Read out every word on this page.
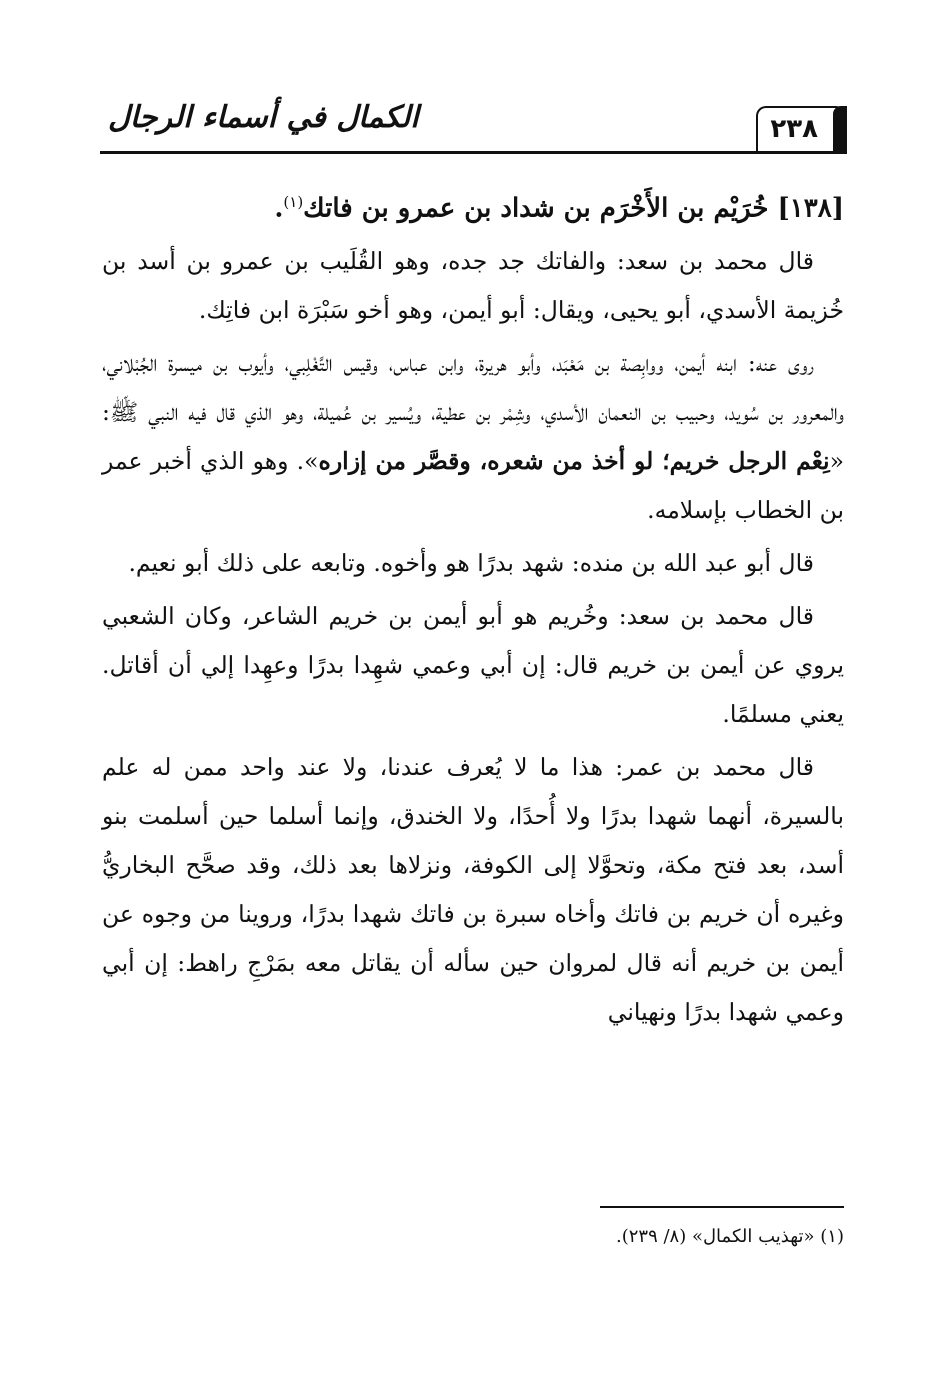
٢٣٨
الكمال في أسماء الرجال

[١٣٨] خُرَيْم بن الأَخْرَم بن شداد بن عمرو بن فاتك$^{(١)}$.

قال محمد بن سعد: والفاتك جد جده، وهو القُلَيب بن عمرو بن أسد بن خُزيمة الأسدي، أبو يحيى، ويقال: أبو أيمن، وهو أخو سَبْرَة ابن فاتِك.

روى عنه: ابنه أيمن، ووابِصة بن مَعْبَد، وأبو هريرة، وابن عباس، وقيس التَّغْلِبي، وأيوب بن ميسرة الجُبْلاني، والمعرور بن سُويد، وحبيب بن النعمان الأسدي، وشِمْر بن عطية، ويُسير بن عُميلة، وهو الذي قال فيه النبي ﷺ: «نِعْم الرجل خريم؛ لو أخذ من شعره، وقصَّر من إزاره». وهو الذي أخبر عمر بن الخطاب بإسلامه.

قال أبو عبد الله بن منده: شهد بدرًا هو وأخوه. وتابعه على ذلك أبو نعيم.

قال محمد بن سعد: وخُريم هو أبو أيمن بن خريم الشاعر، وكان الشعبي يروي عن أيمن بن خريم قال: إن أبي وعمي شهِدا بدرًا وعهِدا إلي أن أقاتل. يعني مسلمًا.

قال محمد بن عمر: هذا ما لا يُعرف عندنا، ولا عند واحد ممن له علم بالسيرة، أنهما شهدا بدرًا ولا أُحدًا، ولا الخندق، وإنما أسلما حين أسلمت بنو أسد، بعد فتح مكة، وتحوَّلا إلى الكوفة، ونزلاها بعد ذلك، وقد صحَّح البخاريُّ وغيره أن خريم بن فاتك وأخاه سبرة بن فاتك شهدا بدرًا، وروينا من وجوه عن أيمن بن خريم أنه قال لمروان حين سأله أن يقاتل معه بمَرْجِ راهط: إن أبي وعمي شهدا بدرًا ونهياني

(١) «تهذيب الكمال» (٨/ ٢٣٩).
